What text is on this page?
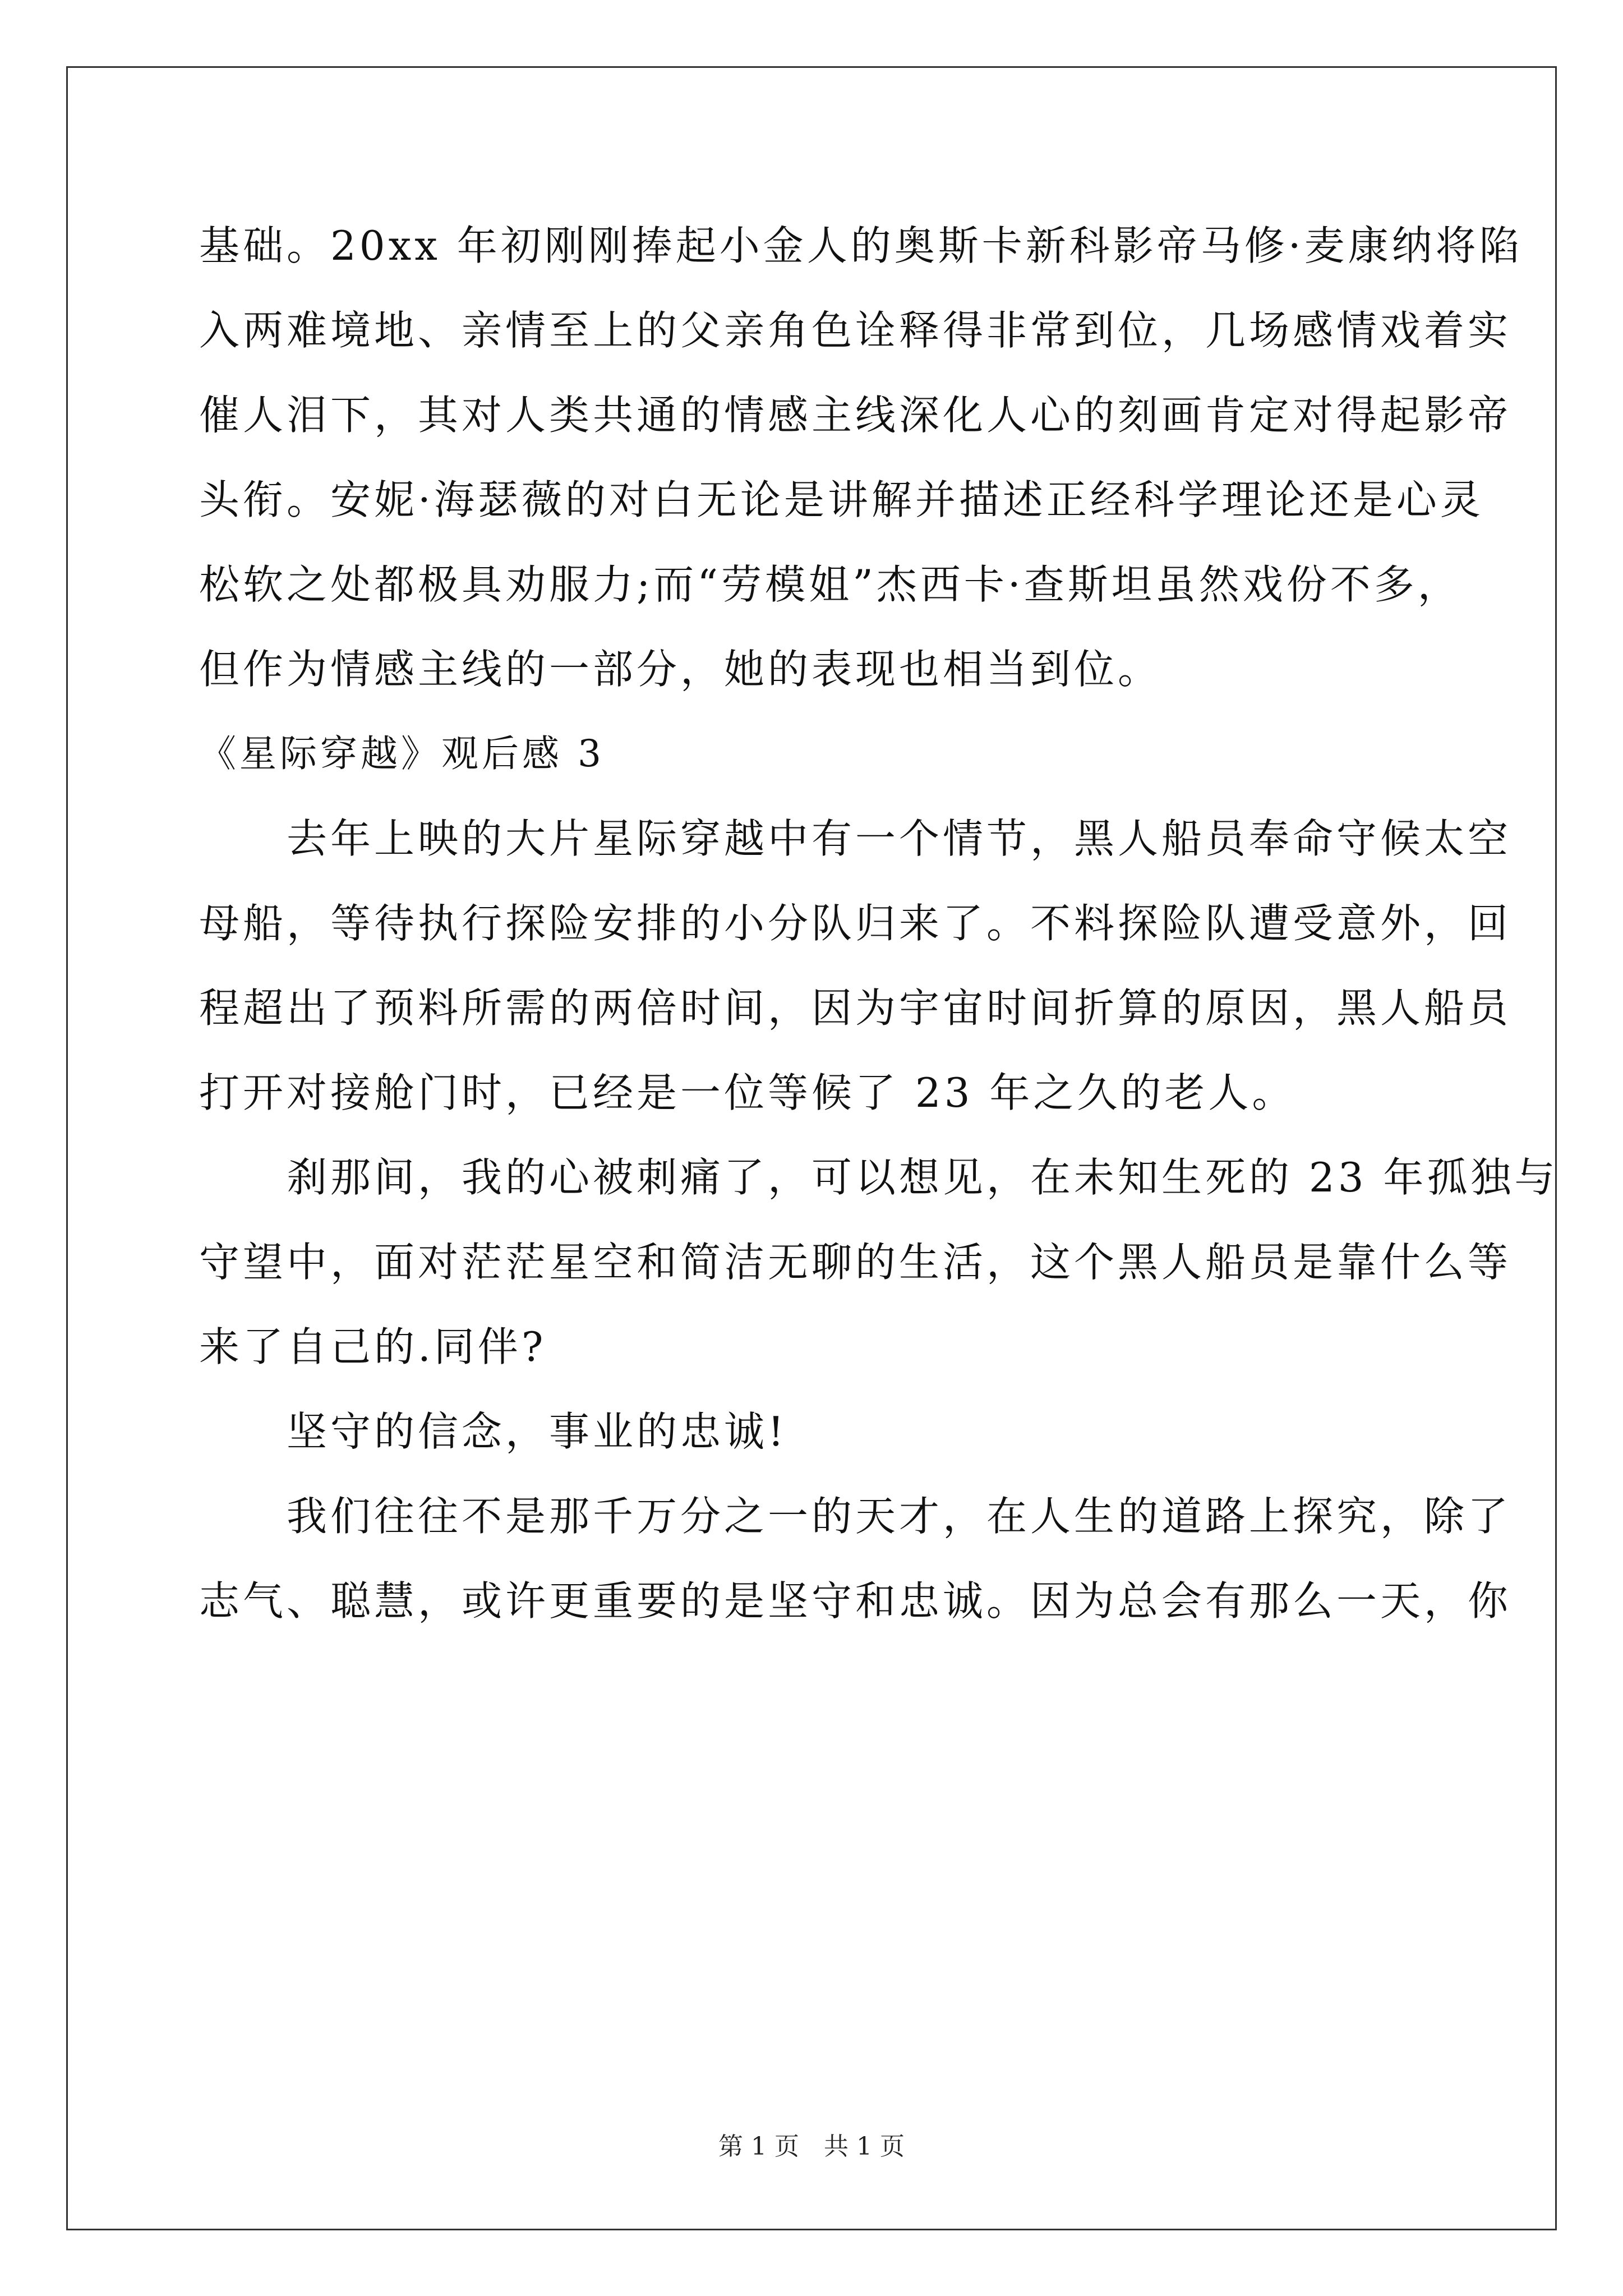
基础。20xx 年初刚刚捧起小金人的奥斯卡新科影帝马修·麦康纳将陷
入两难境地、亲情至上的父亲角色诠释得非常到位，几场感情戏着实
催人泪下，其对人类共通的情感主线深化人心的刻画肯定对得起影帝
头衔。安妮·海瑟薇的对白无论是讲解并描述正经科学理论还是心灵
松软之处都极具劝服力;而“劳模姐”杰西卡·查斯坦虽然戏份不多，
但作为情感主线的一部分，她的表现也相当到位。
《星际穿越》观后感 3
　　去年上映的大片星际穿越中有一个情节，黑人船员奉命守候太空
母船，等待执行探险安排的小分队归来了。不料探险队遭受意外，回
程超出了预料所需的两倍时间，因为宇宙时间折算的原因，黑人船员
打开对接舱门时，已经是一位等候了 23 年之久的老人。
　　刹那间，我的心被刺痛了，可以想见，在未知生死的 23 年孤独与
守望中，面对茫茫星空和简洁无聊的生活，这个黑人船员是靠什么等
来了自己的.同伴?
　　坚守的信念，事业的忠诚!
　　我们往往不是那千万分之一的天才，在人生的道路上探究，除了
志气、聪慧，或许更重要的是坚守和忠诚。因为总会有那么一天，你
第 1 页　共 1 页
